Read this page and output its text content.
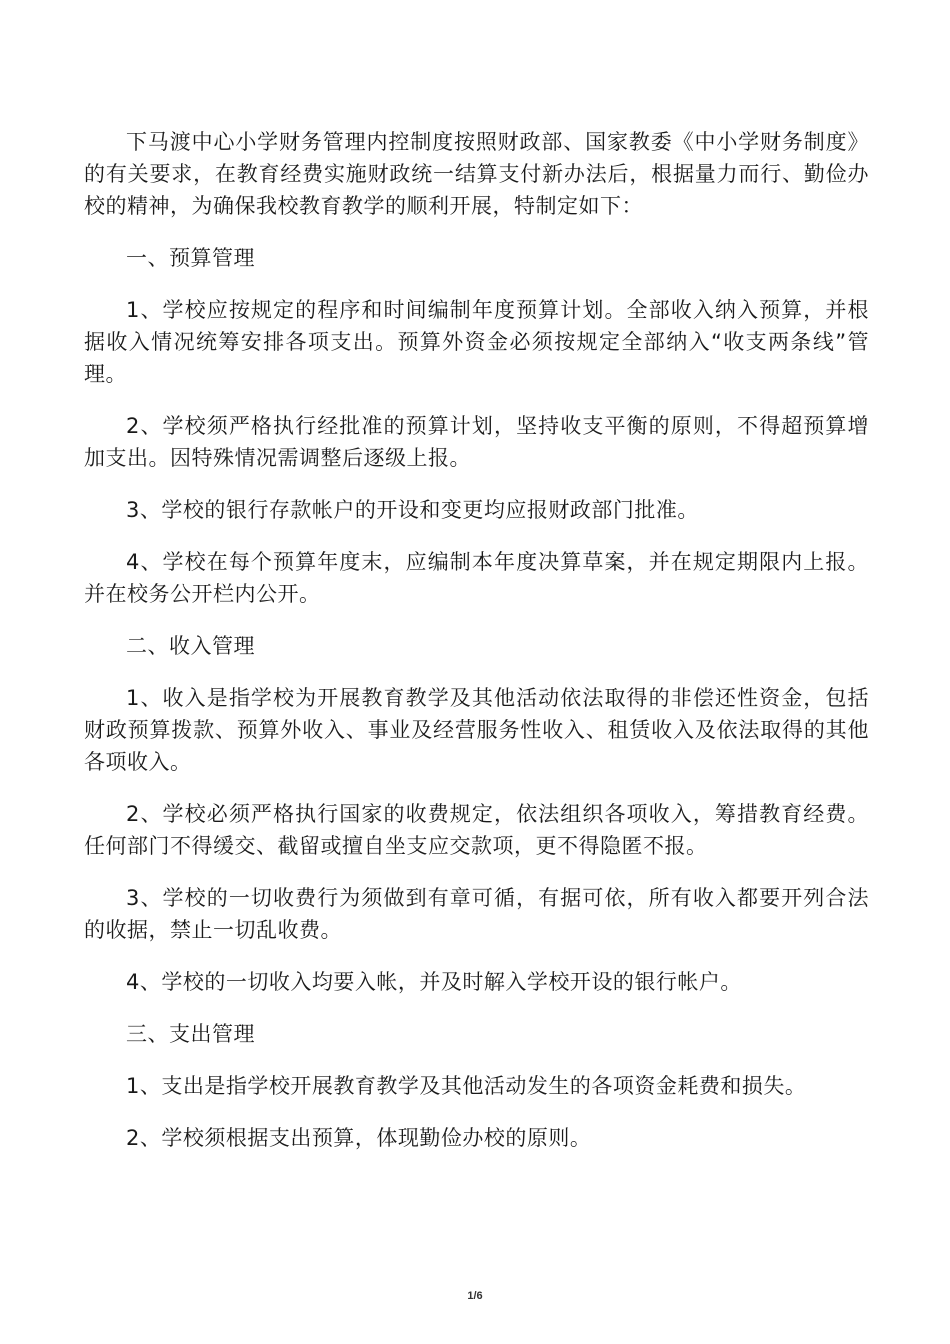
下马渡中心小学财务管理内控制度按照财政部、国家教委《中小学财务制度》的有关要求，在教育经费实施财政统一结算支付新办法后，根据量力而行、勤俭办校的精神，为确保我校教育教学的顺利开展，特制定如下：

一、预算管理

1、学校应按规定的程序和时间编制年度预算计划。全部收入纳入预算，并根据收入情况统筹安排各项支出。预算外资金必须按规定全部纳入“收支两条线”管理。

2、学校须严格执行经批准的预算计划，坚持收支平衡的原则，不得超预算增加支出。因特殊情况需调整后逐级上报。

3、学校的银行存款帐户的开设和变更均应报财政部门批准。

4、学校在每个预算年度末，应编制本年度决算草案，并在规定期限内上报。并在校务公开栏内公开。

二、收入管理

1、收入是指学校为开展教育教学及其他活动依法取得的非偿还性资金，包括财政预算拨款、预算外收入、事业及经营服务性收入、租赁收入及依法取得的其他各项收入。

2、学校必须严格执行国家的收费规定，依法组织各项收入，筹措教育经费。任何部门不得缓交、截留或擅自坐支应交款项，更不得隐匿不报。

3、学校的一切收费行为须做到有章可循，有据可依，所有收入都要开列合法的收据，禁止一切乱收费。

4、学校的一切收入均要入帐，并及时解入学校开设的银行帐户。

三、支出管理

1、支出是指学校开展教育教学及其他活动发生的各项资金耗费和损失。

2、学校须根据支出预算，体现勤俭办校的原则。

1/6
